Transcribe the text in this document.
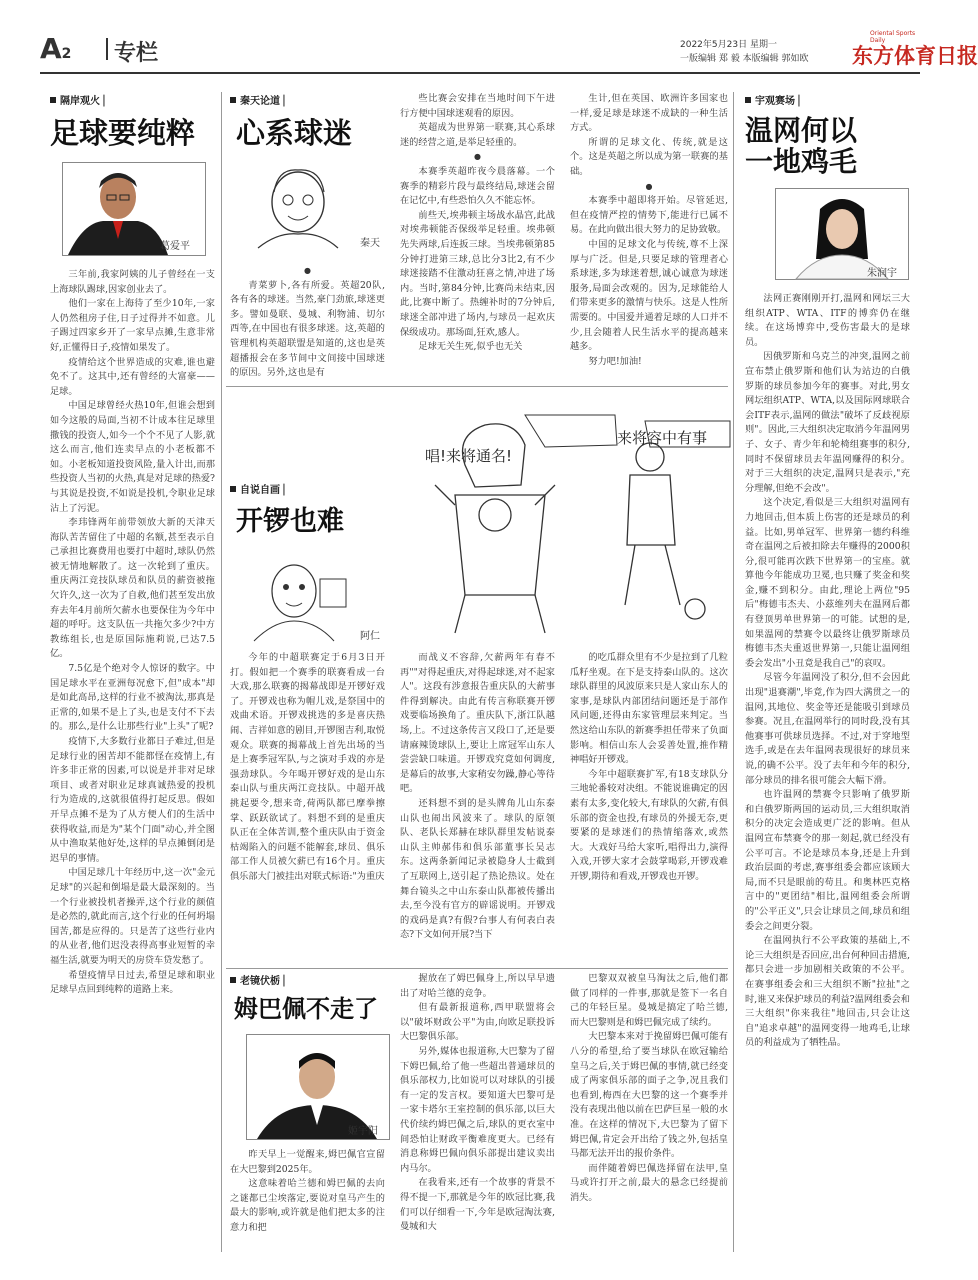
A2 专栏	2022年5月23日 星期一
一版编辑 郑 毅 本版编辑 郭如欧
Oriental Sports Daily
东方体育日报
隔岸观火 ▏
足球要纯粹
葛爱平

三年前,我家阿姨的儿子曾经在一支上海球队踢球,因家创业去了。

他们一家在上海待了至少10年,一家人仍然租房子住,日子过得并不如意。儿子踢过四家乡开了一家早点摊,生意非常好,正懂得日子,疫情如果发了。

疫情给这个世界造成的灾难,谁也避免不了。这其中,还有曾经的大富豪——足球。

中国足球曾经火热10年,但谁会想到如今这般的局面,当初不计成本往足球里撒钱的投资人,如今一个个不见了人影,就这么而言,他们连卖早点的小老板都不如。小老板知道投资风险,量入计出,而那些投资人当初的火热,真是对足球的热爱?与其说是投资,不如说是投机,令职业足球沾上了污泥。

李玮锋两年前带领放大新的天津天海队苦苦留住了中超的名额,甚至表示自己承担比赛费用也要打中超时,球队仍然被无情地解散了。这一次轮到了重庆。重庆两江竞技队球员和队员的薪资被拖欠许久,这一次为了自救,他们甚至发出放弃去年4月前所欠薪水也要保住为今年中超的呼吁。这支队伍一共拖欠多少?中方教练组长,也是原国际施莉说,已达7.5亿。

7.5亿是个绝对令人惊讶的数字。中国足球水平在亚洲每况愈下,但"成本"却是如此高昂,这样的行业不被淘汰,那真是正常的,如果不是上了头,也是支付不下去的。那么,是什么让那些行业"上头"了呢?

疫情下,大多数行业都日子难过,但是足球行业的困苦却不能都怪在疫情上,有许多非正常的因素,可以说是并非对足球项目、或者对职业足球真诚热爱的投机行为造成的,这就很值得打起反思。假如开早点摊不是为了从方便人们的生活中获得收益,而是为"某个门面"动心,并全图从中渔取某他好处,这样的早点摊倒闭是迟早的事情。

中国足球几十年经历中,这一次"金元足球"的兴起和倒塌是最大最深刻的。当一个行业被投机者操弄,这个行业的颜值是必然的,就此而言,这个行业的任何坍塌国苦,都是应得的。只是苦了这些行业内的从业者,他们迟没表得高事业短暂的幸福生活,就要为明天的房贷车贷发愁了。

希望疫情早日过去,希望足球和职业足球早点回到纯粹的道路上来。

秦天论道 ▏
心系球迷
秦天

●

青菜萝卜,各有所爱。英超20队,各有各的球迷。当然,豪门劲旅,球迷更多。譬如曼联、曼城、利物浦、切尔西等,在中国也有很多球迷。这,英超的管理机构英超联盟是知道的,这也是英超播报会在多节间中文间接中国球迷的原因。另外,这也是有

些比赛会安排在当地时间下午进行方便中国球迷观看的原因。

英超成为世界第一联赛,其心系球迷的经营之道,是举足轻重的。

●

本赛季英超昨夜今晨落幕。一个赛季的精彩片段与最终结局,球迷会留在记忆中,有些恐怕久久不能忘怀。

前些天,埃弗顿主场战水晶宫,此战对埃弗顿能否保级举足轻重。埃弗顿先失两球,后连扳三球。当埃弗顿第85分钟打进第三球,总比分3比2,有不少球迷接踏不住激动狂喜之情,冲进了场内。当时,第84分钟,比赛尚未结束,因此,比赛中断了。热缠补时的7分钟后,球迷全部冲进了场内,与球员一起欢庆保级成功。那场面,狂欢,感人。

足球无关生死,似乎也无关

生计,但在英国、欧洲许多国家也一样,爱足球是球迷不成缺的一种生活方式。

所谓的足球文化、传统,就是这个。这是英超之所以成为第一联赛的基础。

●

本赛季中超即将开始。尽管延迟,但在疫情严控的情势下,能进行已属不易。在此向做出很大努力的足协致敬。

中国的足球文化与传统,尊不上深厚与广泛。但是,只要足球的管理者心系球迷,多为球迷着想,诚心诚意为球迷服务,局面会改观的。因为,足球能给人们带来更多的激情与快乐。这是人性所需要的。中国爱并通着足球的人口并不少,且会随着人民生活水平的提高越来越多。

努力吧!加油!

自说自画 ▏
开锣也难
阿仁
唱!来将通名!
来将容中有事

今年的中超联赛定于6月3日开打。假如把一个赛季的联赛看成一台大戏,那么联赛的揭幕战即是开锣好戏了。开锣戏也称为帽儿戏,是祭国中的戏曲术语。开锣戏挑选的多是喜庆热闹、吉祥如意的剧目,开锣图吉利,取悦观众。联赛的揭幕战上首先出场的当是上赛季冠军队,与之演对手戏的亦是强劲球队。今年喝开锣好戏的是山东泰山队与重庆两江竞技队。中超开战挑起要令,想来奇,荷两队都已摩拳擦掌、跃跃欲试了。料想不到的是重庆队正在全体苦训,整个重庆队由于资金枯竭陷入的问题不能解套,球员、俱乐部工作人员被欠薪已有16个月。重庆俱乐部大门被挂出对联式标语:"为重庆

而战义不容辞,欠薪两年有春不再""对得起重庆,对得起球迷,对不起家人"。这段有涉意报告重庆队的大薪事件得到解决。由此有传言称联赛开锣戏要临场换角了。重庆队下,浙江队越场,上。不过这条传言又段口了,还是要请麻辣烫球队上,要让上席冠军山东人尝尝缺口味道。开锣戏究竟如何调度,是幕后的故事,大家稍安勿躁,静心等待吧。

还料想不到的是头牌角儿山东泰山队也闹出风波来了。球队的原领队、老队长郑赫在球队群里发帖说泰山队主帅郝伟和俱乐部董事长吴志东。这两条新闻记录被隐身人士截到了互联网上,送引起了热论热议。处在舞台镜头之中山东泰山队都被传播出去,至今没有官方的辟谣说明。开锣戏的戏码是真?有假?台事人有何表白表态?下文如何开展?当下

的吃瓜群众里有不少是拉到了几粒瓜籽坐观。在下是支持泰山队的。这次球队群里的风波原来只是人家山东人的家事,是球队内部团结问题还是于部作风问题,还得由东家管理层来判定。当然这给山东队的新赛季担任带来了负面影响。相信山东人会妥善处置,推作精神唱好开锣戏。

今年中超联赛扩军,有18支球队分三地轮番较对决组。不能说谁确定的因素有太多,变化较大,有球队的欠薪,有俱乐部的资金也投,有球员的外援无奈,更要紧的是球迷们的热情缩落欢,或然大。大戏好马给大家听,唱得出力,演得入戏,开锣大家才会鼓掌喝彩,开锣戏难开锣,期待和看戏,开锣戏也开锣。

宇观赛场 ▏
温网何以
一地鸡毛
朱润宇

法网正赛刚刚开打,温网和网坛三大组织ATP、WTA、ITF的博弈仍在继续。在这场博弈中,受伤害最大的是球员。

因俄罗斯和乌克兰的冲突,温网之前宣布禁止俄罗斯和他们认为站边的白俄罗斯的球员参加今年的赛事。对此,男女网坛组织ATP、WTA,以及国际网球联合会ITF表示,温网的做法"破坏了反歧视原则"。因此,三大组织决定取消今年温网男子、女子、青少年和轮椅组赛事的积分,同时不保留球员去年温网赚得的积分。对于三大组织的决定,温网只是表示,"充分理解,但绝不会改"。

这个决定,看似是三大组织对温网有力地回击,但本质上伤害的还是球员的利益。比如,男单冠军、世界第一德约科维奇在温网之后被扣除去年赚得的2000积分,很可能再次跌下世界第一的宝座。就算他今年能成功卫冕,也只赚了奖金和奖金,赚不到积分。由此,理论上两位"95后"梅德韦杰夫、小茲维列夫在温网后都有登顶男单世界第一的可能。试想的是,如果温网的禁赛令以最终让俄罗斯球员梅德韦杰夫重返世界第一,只能让温网组委会发出"小丑竟是我自己"的哀叹。

尽管今年温网没了积分,但不会因此出现"退赛潮",毕竟,作为四大满贯之一的温网,其地位、奖金等还是能吸引到球员参赛。况且,在温网举行的同时段,没有其他赛事可供球员选择。不过,对于穿地型选手,或是在去年温网表现很好的球员来说,的确不公平。没了去年和今年的积分,部分球员的排名很可能会大幅下滑。

也许温网的禁赛令只影响了俄罗斯和白俄罗斯两国的运动员,三大组织取消积分的决定会造成更广泛的影响。但从温网宣布禁赛令的那一刻起,就已经没有公平可言。不论是球员本身,还是上升到政治层面的考虑,赛事组委会都应该顾大局,而不只是眼前的苟且。和奥林匹克格言中的"更团结"相比,温网组委会所谓的"公平正义",只会让球员之间,球员和组委会之间更分裂。

在温网执行不公平政策的基础上,不论三大组织是否回应,出台何种回击措施,都只会进一步加剧相关政策的不公平。在赛事组委会和三大组织不断"拉扯"之时,谁又来保护球员的利益?温网组委会和三大组织"你来我往"地回击,只会让这自"追求卓越"的温网变得一地鸡毛,让球员的利益成为了牺牲品。

老镜伏栃 ▏
姆巴佩不走了
姬宇阳

昨天早上一觉醒来,姆巴佩官宣留在大巴黎到2025年。

这意味着哈兰德和姆巴佩的去向之谜都已尘埃落定,要说对皇马产生的最大的影响,或许就是他们把太多的注意力和把

握放在了姆巴佩身上,所以早早遗出了对哈兰德的竞争。

但有最新报道称,西甲联盟将会以"破坏财政公平"为由,向欧足联投诉大巴黎俱乐部。

另外,媒体也报道称,大巴黎为了留下姆巴佩,给了他一些超出普通球员的俱乐部权力,比如说可以对球队的引援有一定的发言权。要知道大巴黎可是一家卡塔尔王室控制的俱乐部,以巨大代价续约姆巴佩之后,球队的更衣室中间恐怕让财政平衡难度更大。已经有消息称姆巴佩向俱乐部提出建议卖出内马尔。

在我看来,还有一个故事的背景不得不提一下,那就是今年的欧冠比赛,我们可以仔细看一下,今年是欧冠淘汰赛,曼城和大

巴黎双双被皇马淘汰之后,他们都做了同样的一件事,那就是签下一名自己的年轻巨星。曼城是搞定了哈兰德,而大巴黎则是和姆巴佩完成了续约。

大巴黎本来对于挽留姆巴佩可能有八分的希望,给了要当球队在欧冠输给皇马之后,关于姆巴佩的事情,就已经变成了两家俱乐部的面子之争,况且我们也看到,梅西在大巴黎的这一个赛季并没有表现出他以前在巴萨巨星一般的水准。在这样的情况下,大巴黎为了留下姆巴佩,肯定会开出给了钱之外,包括皇马都无法开出的报价条件。

而伴随着姆巴佩选择留在法甲,皇马或许打开之前,最大的悬念已经提前消失。
